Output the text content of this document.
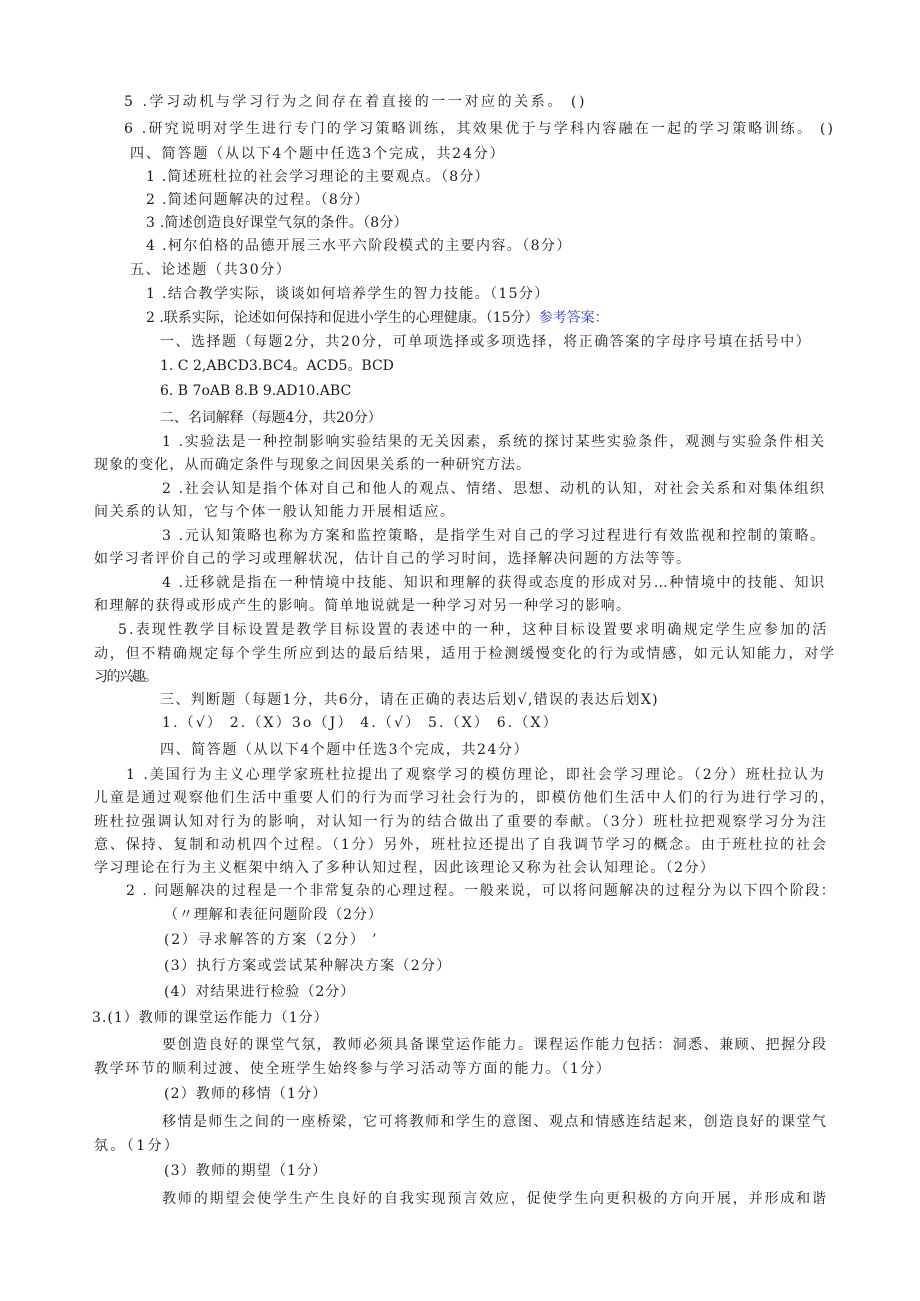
5 .学习动机与学习行为之间存在着直接的一一对应的关系。 ()
6 .研究说明对学生进行专门的学习策略训练，其效果优于与学科内容融在一起的学习策略训练。 ()
四、简答题（从以下4个题中任选3个完成，共24分）
1 .简述班杜拉的社会学习理论的主要观点。（8分）
2 .简述问题解决的过程。（8分）
3 .简述创造良好课堂气氛的条件。（8分）
4 .柯尔伯格的品德开展三水平六阶段模式的主要内容。（8分）
五、论述题（共30分）
1 .结合教学实际，谈谈如何培养学生的智力技能。（15分）
2 .联系实际，论述如何保持和促进小学生的心理健康。（15分）参考答案：
一、选择题（每题2分，共20分，可单项选择或多项选择，将正确答案的字母序号填在括号中）
1. C 2,ABCD3.BC4。ACD5。BCD
6. B 7oAB 8.B 9.AD10.ABC
二、名词解释（每题4分，共20分）
1 .实验法是一种控制影响实验结果的无关因素，系统的探讨某些实验条件，观测与实验条件相关
现象的变化，从而确定条件与现象之间因果关系的一种研究方法。
2 .社会认知是指个体对自己和他人的观点、情绪、思想、动机的认知，对社会关系和对集体组织
间关系的认知，它与个体一般认知能力开展相适应。
3 .元认知策略也称为方案和监控策略，是指学生对自己的学习过程进行有效监视和控制的策略。
如学习者评价自己的学习或理解状况，估计自己的学习时间，选择解决问题的方法等等。
4 .迁移就是指在一种情境中技能、知识和理解的获得或态度的形成对另…种情境中的技能、知识
和理解的获得或形成产生的影响。简单地说就是一种学习对另一种学习的影响。
5.表现性教学目标设置是教学目标设置的表述中的一种，这种目标设置要求明确规定学生应参加的活
动，但不精确规定每个学生所应到达的最后结果，适用于检测缓慢变化的行为或情感，如元认知能力，对学
习的兴趣。
三、判断题（每题1分，共6分，请在正确的表达后划√,错误的表达后划X)
1.（√） 2.（X）3o（J） 4.（√） 5.（X） 6.（X）
四、简答题（从以下4个题中任选3个完成，共24分）
1 .美国行为主义心理学家班杜拉提出了观察学习的模仿理论，即社会学习理论。（2分）班杜拉认为
儿童是通过观察他们生活中重要人们的行为而学习社会行为的，即模仿他们生活中人们的行为进行学习的，
班杜拉强调认知对行为的影响，对认知一行为的结合做出了重要的奉献。（3分）班杜拉把观察学习分为注
意、保持、复制和动机四个过程。（1分）另外，班杜拉还提出了自我调节学习的概念。由于班杜拉的社会
学习理论在行为主义框架中纳入了多种认知过程，因此该理论又称为社会认知理论。（2分）
2 . 问题解决的过程是一个非常复杂的心理过程。一般来说，可以将问题解决的过程分为以下四个阶段：
（〃理解和表征问题阶段（2分）
(2）寻求解答的方案（2分） ’
(3）执行方案或尝试某种解决方案（2分）
(4）对结果进行检验（2分）
3.(1）教师的课堂运作能力（1分）
要创造良好的课堂气氛，教师必须具备课堂运作能力。课程运作能力包括：洞悉、兼顾、把握分段
教学环节的顺利过渡、使全班学生始终参与学习活动等方面的能力。（1分）
(2）教师的移情（1分）
移情是师生之间的一座桥梁，它可将教师和学生的意图、观点和情感连结起来，创造良好的课堂气
氛。（1分）
(3）教师的期望（1分）
教师的期望会使学生产生良好的自我实现预言效应，促使学生向更积极的方向开展，并形成和谐
